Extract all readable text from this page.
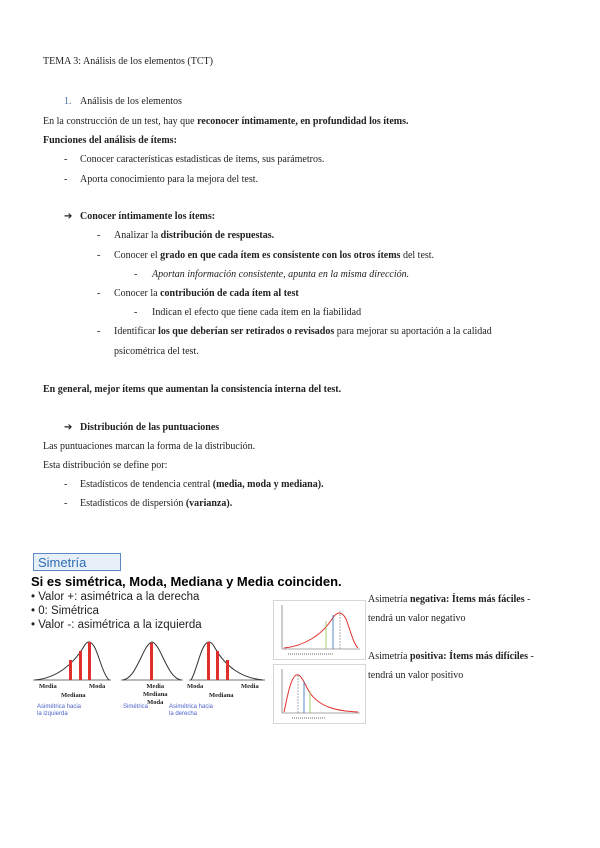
TEMA 3: Análisis de los elementos (TCT)
1. Análisis de los elementos
En la construcción de un test, hay que reconocer íntimamente, en profundidad los ítems.
Funciones del análisis de ítems:
- Conocer características estadísticas de ítems, sus parámetros.
- Aporta conocimiento para la mejora del test.
➔ Conocer íntimamente los ítems:
- Analizar la distribución de respuestas.
- Conocer el grado en que cada ítem es consistente con los otros ítems del test.
- Aportan información consistente, apunta en la misma dirección.
- Conocer la contribución de cada ítem al test
- Indican el efecto que tiene cada ítem en la fiabilidad
- Identificar los que deberían ser retirados o revisados para mejorar su aportación a la calidad
psicométrica del test.
En general, mejor ítems que aumentan la consistencia interna del test.
➔ Distribución de las puntuaciones
Las puntuaciones marcan la forma de la distribución.
Esta distribución se define por:
- Estadísticos de tendencia central (media, moda y mediana).
- Estadísticos de dispersión (varianza).
Simetría
Si es simétrica, Moda, Mediana y Media coinciden.
• Valor +: asimétrica a la derecha
• 0: Simétrica
• Valor -: asimétrica a la izquierda
Media
Mediana
Moda	Media
Mediana
Moda
Moda
Mediana
Media
Asimétrica hacia
la izquierda
Simétrica	Asimétrica hacia
la derecha
Asimetría negativa: Ítems más fáciles -
tendrá un valor negativo
Asimetría positiva: Ítems más difíciles -
tendrá un valor positivo
